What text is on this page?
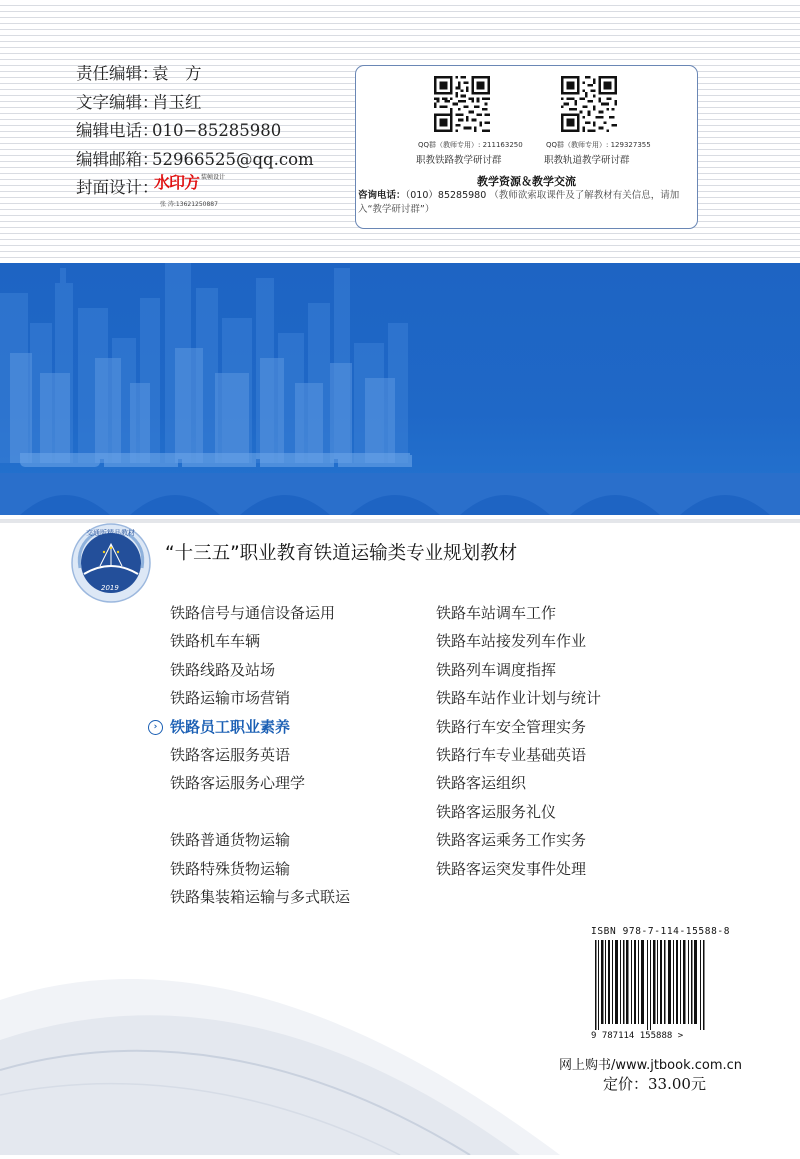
责任编辑：
袁　方
文字编辑：
肖玉红
编辑电话：
010−85285980
编辑邮箱：
52966525@qq.com
封面设计：
水印方 装帧设计
张 涛:13621250887
QQ群（教师专用）: 211163250
职教铁路教学研讨群
QQ群（教师专用）: 129327355
职教轨道教学研讨群
教学资源＆教学交流
咨询电话：（010）85285980 （教师欲索取课件及了解教材有关信息，请加入“教学研讨群”）
交通版精品教材
2019
“十三五”职业教育铁道运输类专业规划教材
铁路信号与通信设备运用
铁路机车车辆
铁路线路及站场
铁路运输市场营销
› 铁路员工职业素养
铁路客运服务英语
铁路客运服务心理学
铁路普通货物运输
铁路特殊货物运输
铁路集装箱运输与多式联运
铁路车站调车工作
铁路车站接发列车作业
铁路列车调度指挥
铁路车站作业计划与统计
铁路行车安全管理实务
铁路行车专业基础英语
铁路客运组织
铁路客运服务礼仪
铁路客运乘务工作实务
铁路客运突发事件处理
ISBN 978-7-114-15588-8
9 787114 155888 >
网上购书/www.jtbook.com.cn
定价：33.00元
